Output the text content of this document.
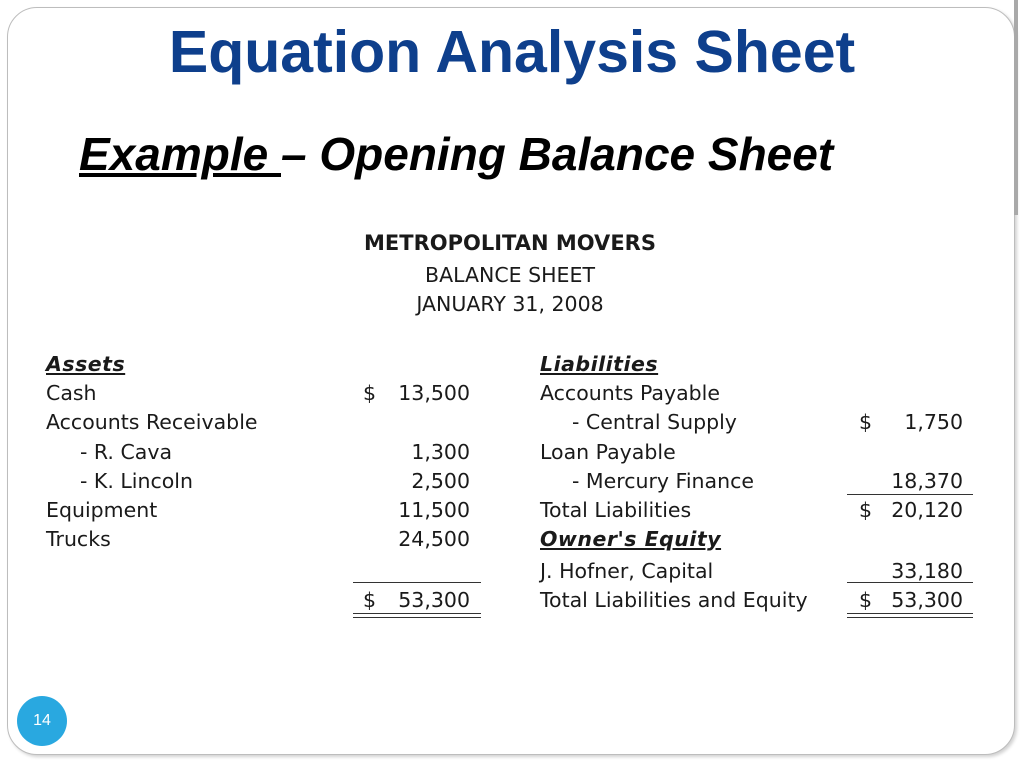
Equation Analysis Sheet
Example – Opening Balance Sheet
METROPOLITAN MOVERS
BALANCE SHEET
JANUARY 31, 2008
Assets
Cash	$	13,500
Accounts Receivable
- R. Cava	1,300
- K. Lincoln	2,500
Equipment	11,500
Trucks	24,500
$	53,300
Liabilities
Accounts Payable
- Central Supply	$	1,750
Loan Payable
- Mercury Finance	18,370
Total Liabilities	$ 20,120
Owner's Equity
J. Hofner, Capital	33,180
Total Liabilities and Equity	$ 53,300
14
